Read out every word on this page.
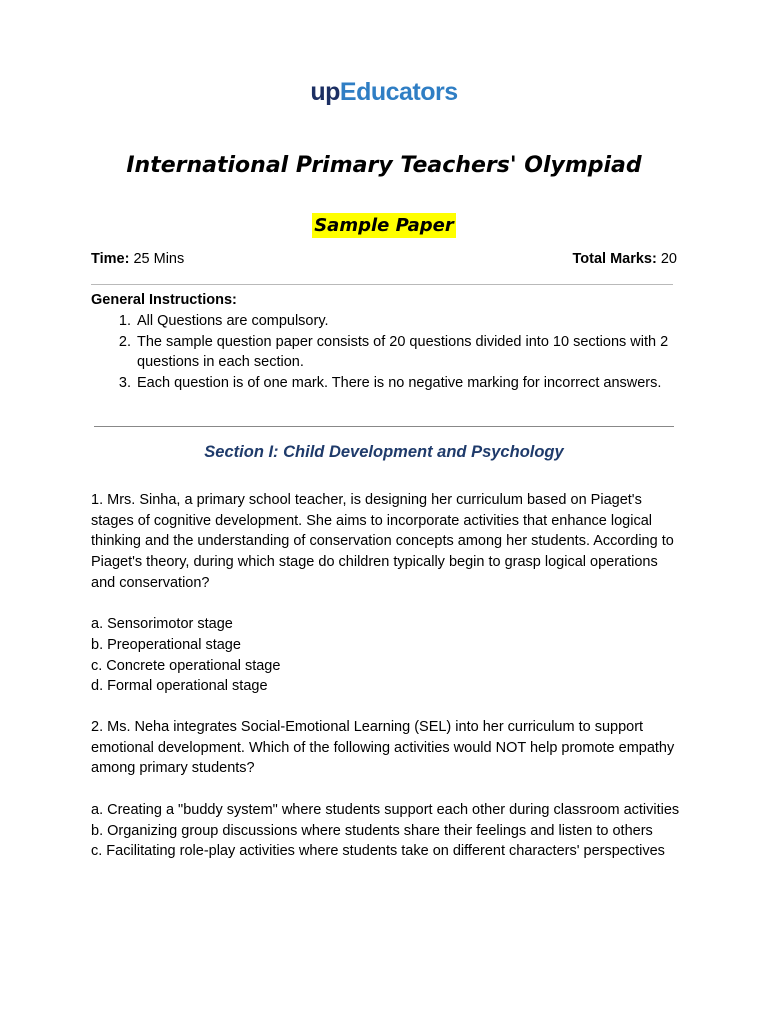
upEducators
International Primary Teachers' Olympiad
Sample Paper
Time: 25 Mins	Total Marks: 20
General Instructions:
1. All Questions are compulsory.
2. The sample question paper consists of 20 questions divided into 10 sections with 2 questions in each section.
3. Each question is of one mark. There is no negative marking for incorrect answers.
Section I: Child Development and Psychology

1. Mrs. Sinha, a primary school teacher, is designing her curriculum based on Piaget's stages of cognitive development. She aims to incorporate activities that enhance logical thinking and the understanding of conservation concepts among her students. According to Piaget's theory, during which stage do children typically begin to grasp logical operations and conservation?

a. Sensorimotor stage
b. Preoperational stage
c. Concrete operational stage
d. Formal operational stage

2. Ms. Neha integrates Social-Emotional Learning (SEL) into her curriculum to support emotional development. Which of the following activities would NOT help promote empathy among primary students?

a. Creating a "buddy system" where students support each other during classroom activities
b. Organizing group discussions where students share their feelings and listen to others
c. Facilitating role-play activities where students take on different characters' perspectives
